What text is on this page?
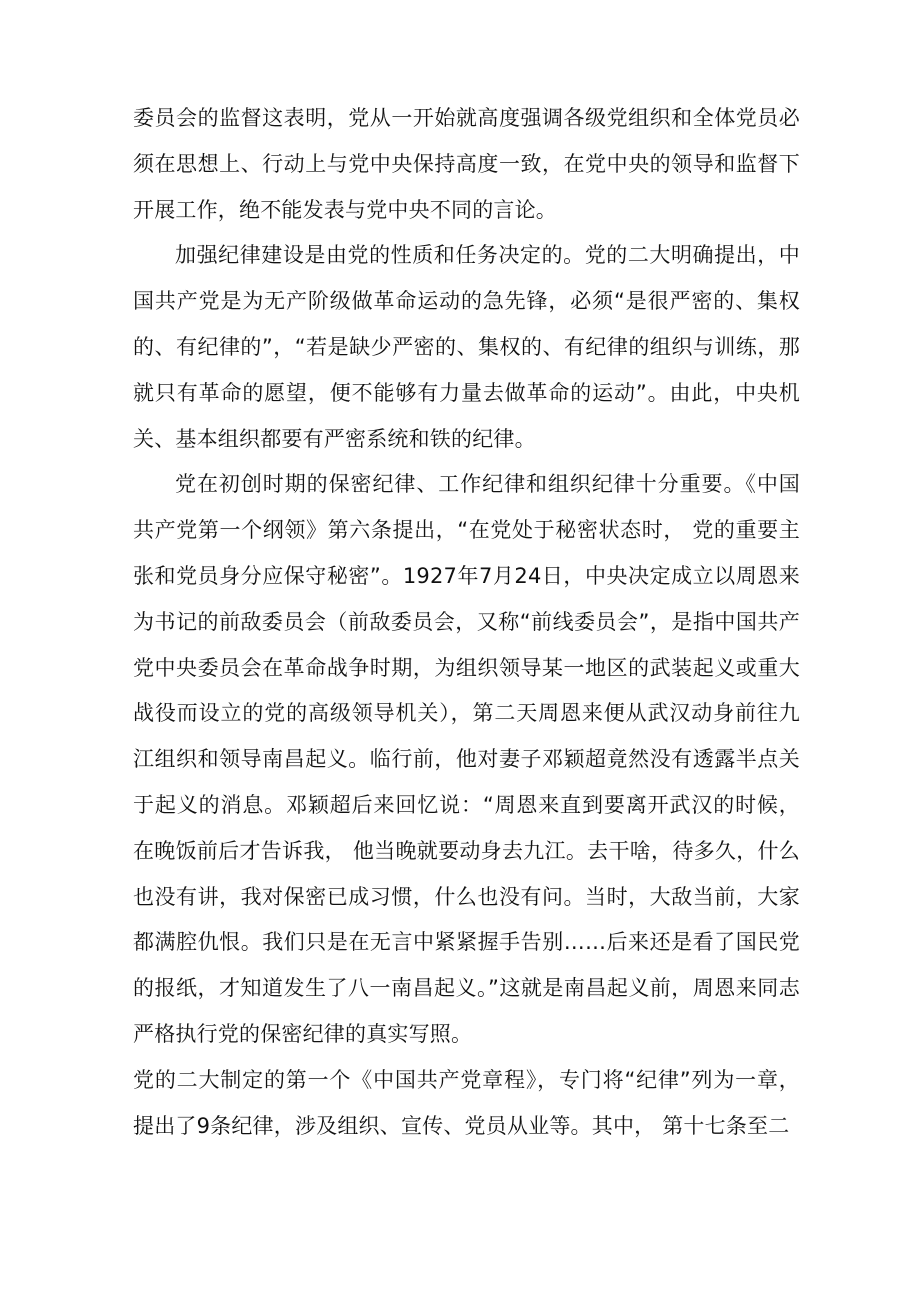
委员会的监督这表明，党从一开始就高度强调各级党组织和全体党员必须在思想上、行动上与党中央保持高度一致，在党中央的领导和监督下开展工作，绝不能发表与党中央不同的言论。

加强纪律建设是由党的性质和任务决定的。党的二大明确提出，中国共产党是为无产阶级做革命运动的急先锋，必须“是很严密的、集权的、有纪律的”，“若是缺少严密的、集权的、有纪律的组织与训练，那就只有革命的愿望，便不能够有力量去做革命的运动”。由此，中央机关、基本组织都要有严密系统和铁的纪律。

党在初创时期的保密纪律、工作纪律和组织纪律十分重要。《中国共产党第一个纲领》第六条提出，“在党处于秘密状态时， 党的重要主张和党员身分应保守秘密”。1927年7月24日，中央决定成立以周恩来为书记的前敌委员会（前敌委员会，又称“前线委员会”，是指中国共产党中央委员会在革命战争时期，为组织领导某一地区的武装起义或重大战役而设立的党的高级领导机关），第二天周恩来便从武汉动身前往九江组织和领导南昌起义。临行前，他对妻子邓颖超竟然没有透露半点关于起义的消息。邓颖超后来回忆说：“周恩来直到要离开武汉的时候， 在晚饭前后才告诉我， 他当晚就要动身去九江。去干啥，待多久，什么也没有讲，我对保密已成习惯，什么也没有问。当时，大敌当前，大家都满腔仇恨。我们只是在无言中紧紧握手告别……后来还是看了国民党的报纸，才知道发生了八一南昌起义。”这就是南昌起义前，周恩来同志严格执行党的保密纪律的真实写照。

党的二大制定的第一个《中国共产党章程》，专门将“纪律”列为一章，提出了9条纪律，涉及组织、宣传、党员从业等。其中， 第十七条至二
